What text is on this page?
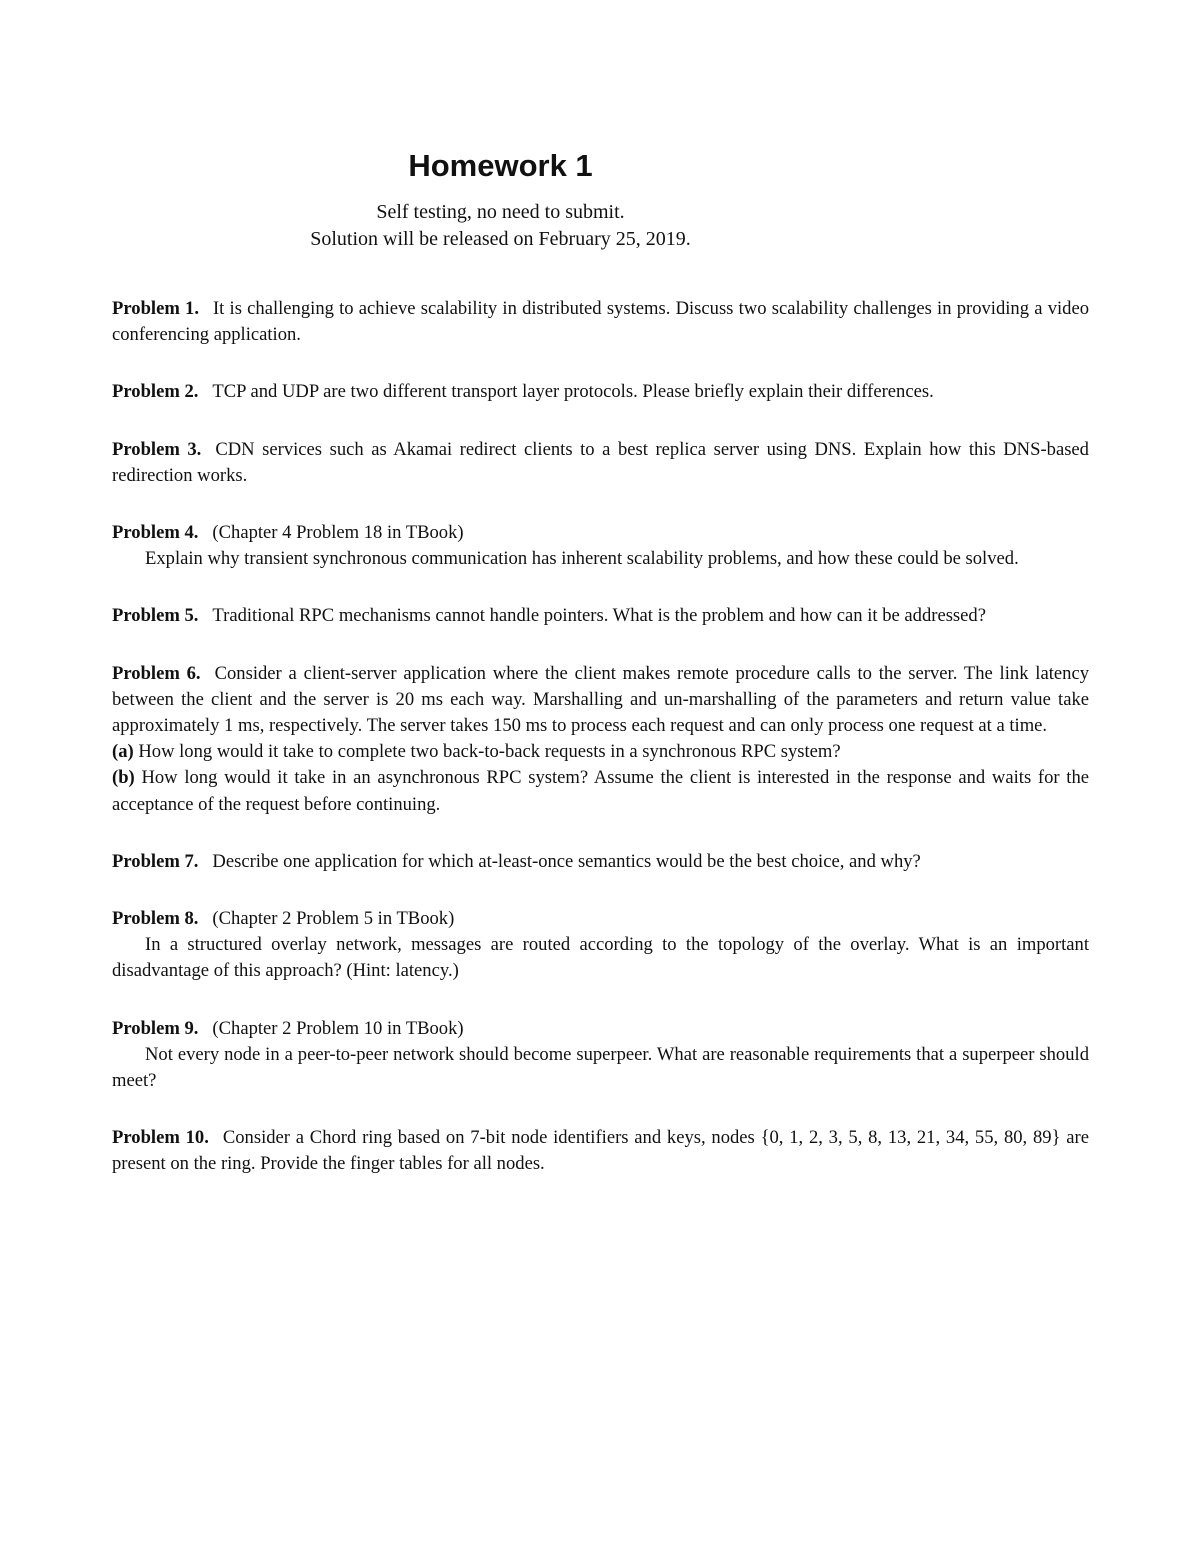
Homework 1

Self testing, no need to submit.

Solution will be released on February 25, 2019.

Problem 1. It is challenging to achieve scalability in distributed systems. Discuss two scalability challenges in providing a video conferencing application.

Problem 2. TCP and UDP are two different transport layer protocols. Please briefly explain their differences.

Problem 3. CDN services such as Akamai redirect clients to a best replica server using DNS. Explain how this DNS-based redirection works.

Problem 4. (Chapter 4 Problem 18 in TBook)
Explain why transient synchronous communication has inherent scalability problems, and how these could be solved.

Problem 5. Traditional RPC mechanisms cannot handle pointers. What is the problem and how can it be addressed?

Problem 6. Consider a client-server application where the client makes remote procedure calls to the server. The link latency between the client and the server is 20 ms each way. Marshalling and un-marshalling of the parameters and return value take approximately 1 ms, respectively. The server takes 150 ms to process each request and can only process one request at a time.
(a) How long would it take to complete two back-to-back requests in a synchronous RPC system?
(b) How long would it take in an asynchronous RPC system? Assume the client is interested in the response and waits for the acceptance of the request before continuing.

Problem 7. Describe one application for which at-least-once semantics would be the best choice, and why?

Problem 8. (Chapter 2 Problem 5 in TBook)
In a structured overlay network, messages are routed according to the topology of the overlay. What is an important disadvantage of this approach? (Hint: latency.)
Problem 9. (Chapter 2 Problem 10 in TBook)
Not every node in a peer-to-peer network should become superpeer. What are reasonable requirements that a superpeer should meet?

Problem 10. Consider a Chord ring based on 7-bit node identifiers and keys, nodes {0, 1, 2, 3, 5, 8, 13, 21, 34, 55, 80, 89} are present on the ring. Provide the finger tables for all nodes.
